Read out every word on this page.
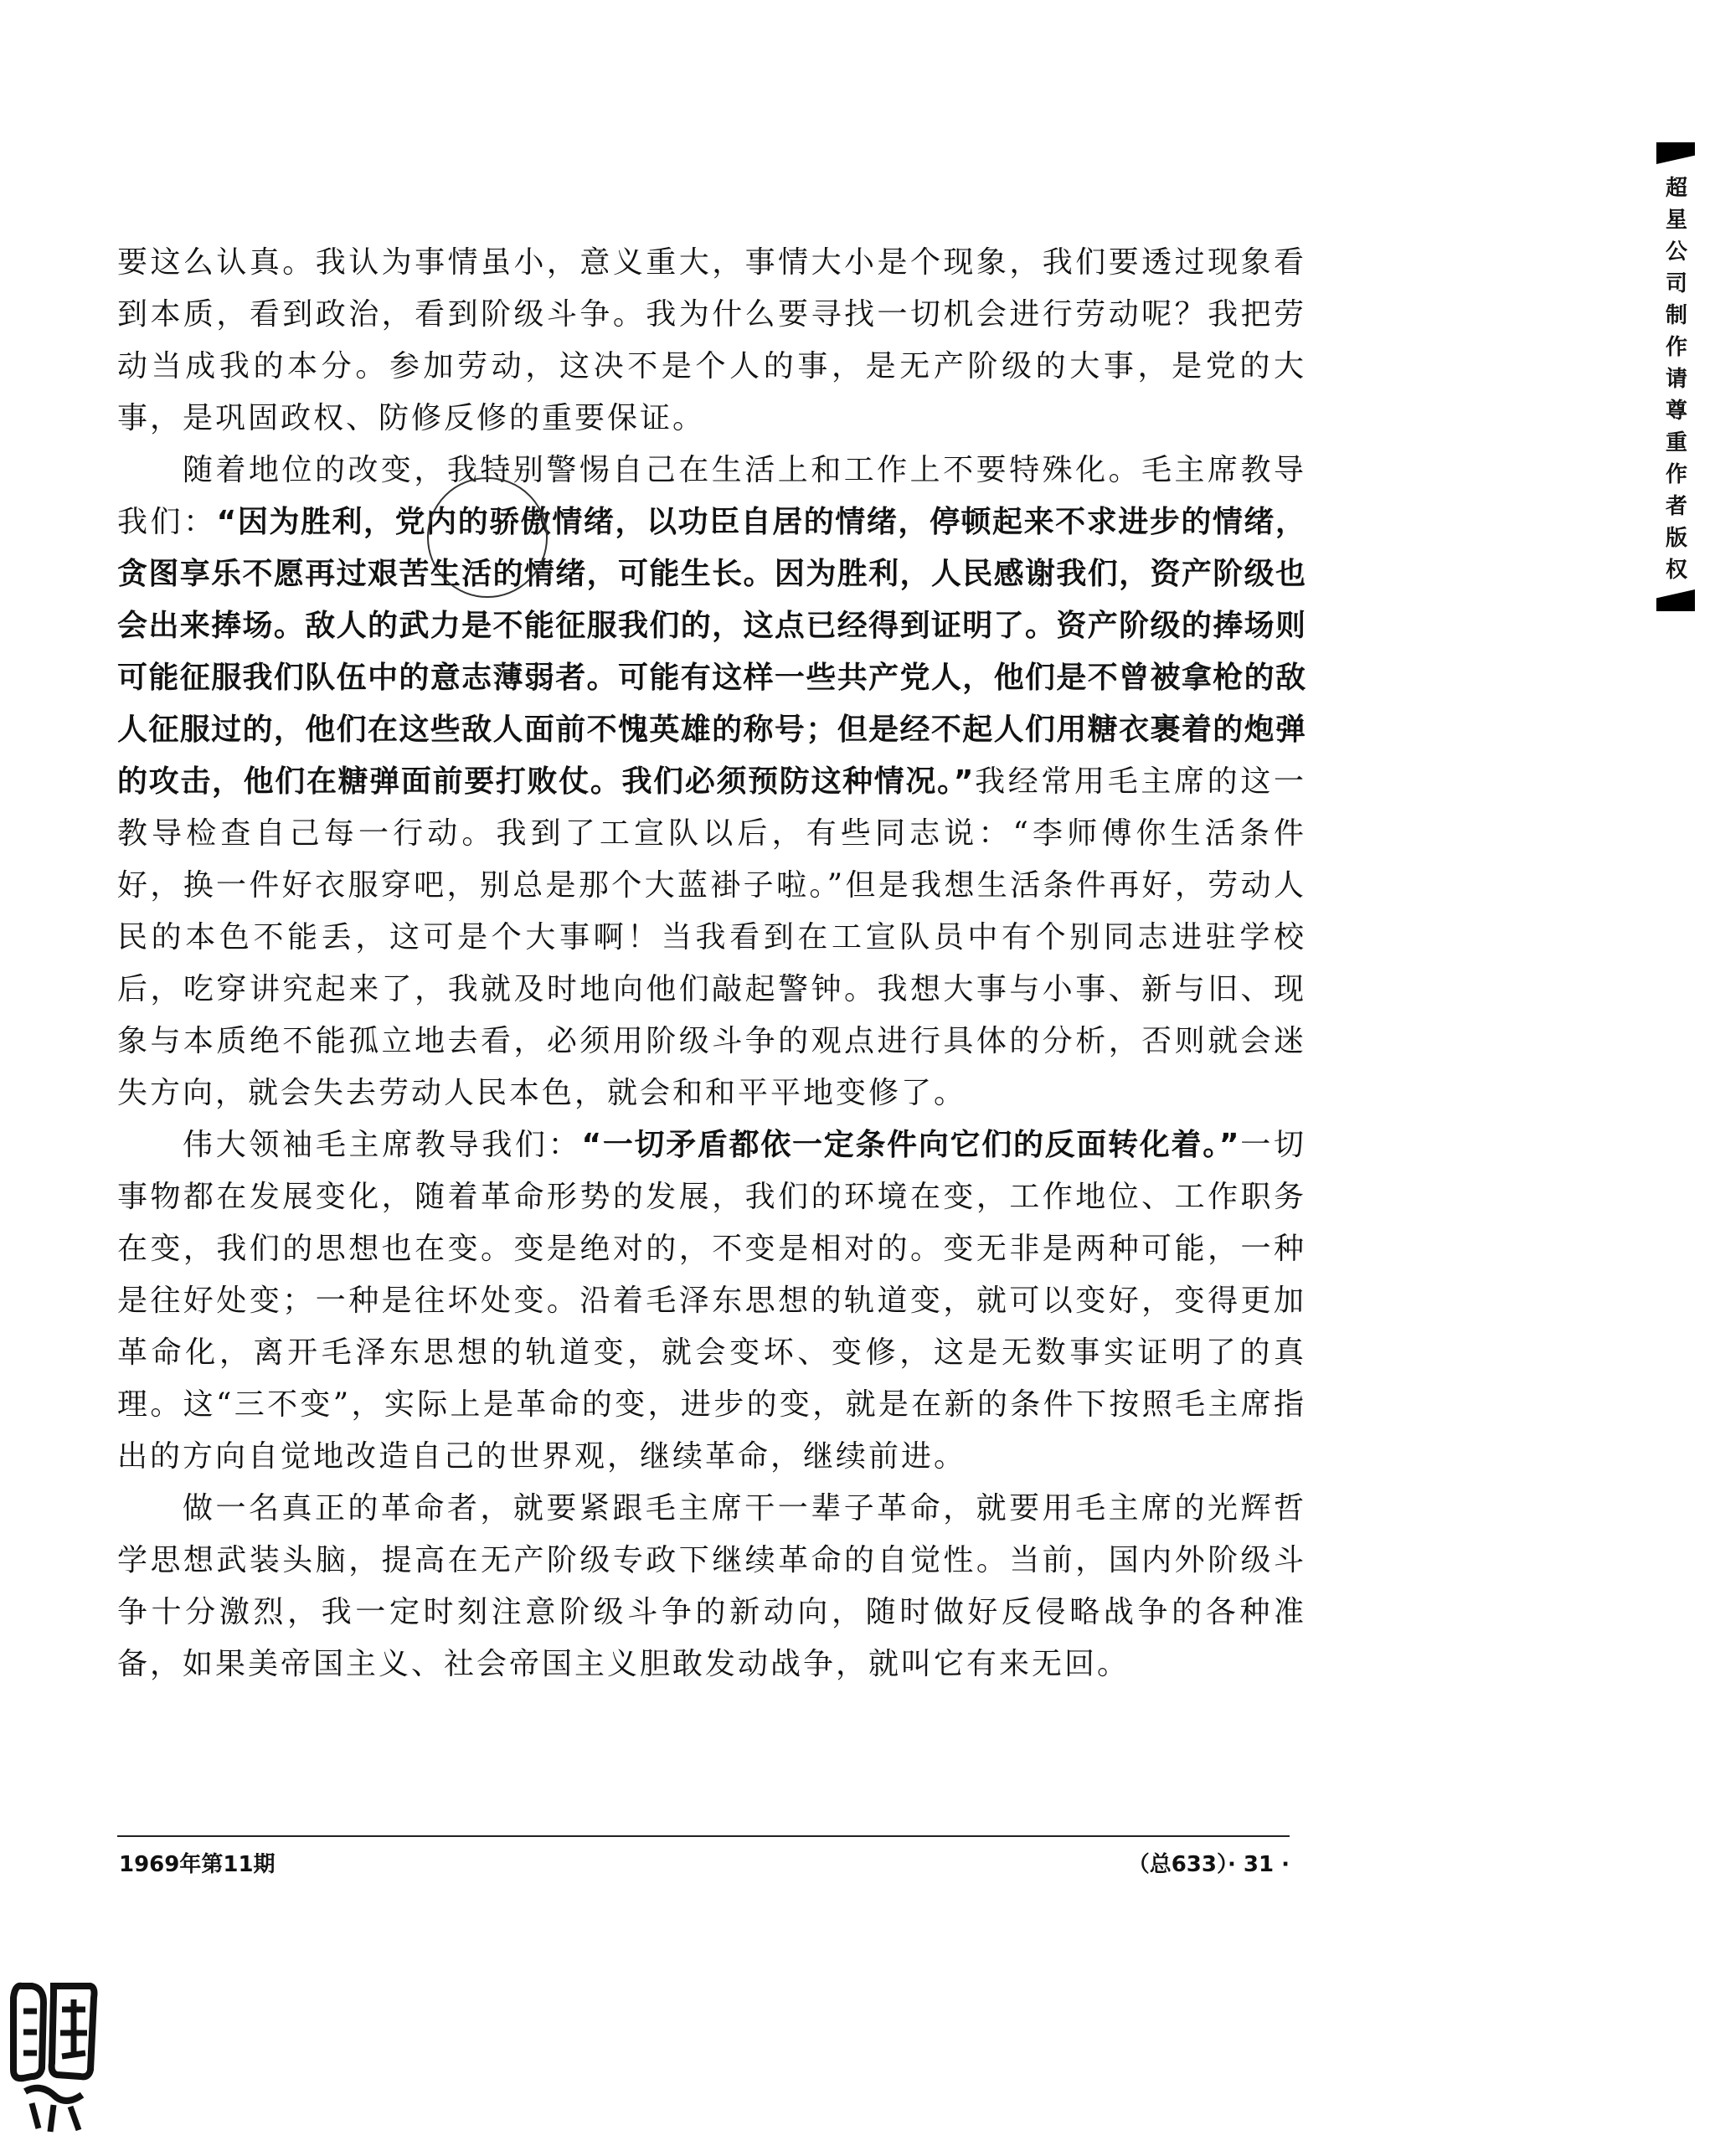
超星公司制作请尊重作者版权

要这么认真。我认为事情虽小，意义重大，事情大小是个现象，我们要透过现象看到本质，看到政治，看到阶级斗争。我为什么要寻找一切机会进行劳动呢？我把劳动当成我的本分。参加劳动，这决不是个人的事，是无产阶级的大事，是党的大事，是巩固政权、防修反修的重要保证。

随着地位的改变，我特别警惕自己在生活上和工作上不要特殊化。毛主席教导我们：“因为胜利，党内的骄傲情绪，以功臣自居的情绪，停顿起来不求进步的情绪，贪图享乐不愿再过艰苦生活的情绪，可能生长。因为胜利，人民感谢我们，资产阶级也会出来捧场。敌人的武力是不能征服我们的，这点已经得到证明了。资产阶级的捧场则可能征服我们队伍中的意志薄弱者。可能有这样一些共产党人，他们是不曾被拿枪的敌人征服过的，他们在这些敌人面前不愧英雄的称号；但是经不起人们用糖衣裹着的炮弹的攻击，他们在糖弹面前要打败仗。我们必须预防这种情况。”我经常用毛主席的这一教导检查自己每一行动。我到了工宣队以后，有些同志说：“李师傅你生活条件好，换一件好衣服穿吧，别总是那个大蓝褂子啦。”但是我想生活条件再好，劳动人民的本色不能丢，这可是个大事啊！当我看到在工宣队员中有个别同志进驻学校后，吃穿讲究起来了，我就及时地向他们敲起警钟。我想大事与小事、新与旧、现象与本质绝不能孤立地去看，必须用阶级斗争的观点进行具体的分析，否则就会迷失方向，就会失去劳动人民本色，就会和和平平地变修了。

伟大领袖毛主席教导我们：“一切矛盾都依一定条件向它们的反面转化着。”一切事物都在发展变化，随着革命形势的发展，我们的环境在变，工作地位、工作职务在变，我们的思想也在变。变是绝对的，不变是相对的。变无非是两种可能，一种是往好处变；一种是往坏处变。沿着毛泽东思想的轨道变，就可以变好，变得更加革命化，离开毛泽东思想的轨道变，就会变坏、变修，这是无数事实证明了的真理。这“三不变”，实际上是革命的变，进步的变，就是在新的条件下按照毛主席指出的方向自觉地改造自己的世界观，继续革命，继续前进。

做一名真正的革命者，就要紧跟毛主席干一辈子革命，就要用毛主席的光辉哲学思想武装头脑，提高在无产阶级专政下继续革命的自觉性。当前，国内外阶级斗争十分激烈，我一定时刻注意阶级斗争的新动向，随时做好反侵略战争的各种准备，如果美帝国主义、社会帝国主义胆敢发动战争，就叫它有来无回。

1969年第11期	（总633）· 31 ·
